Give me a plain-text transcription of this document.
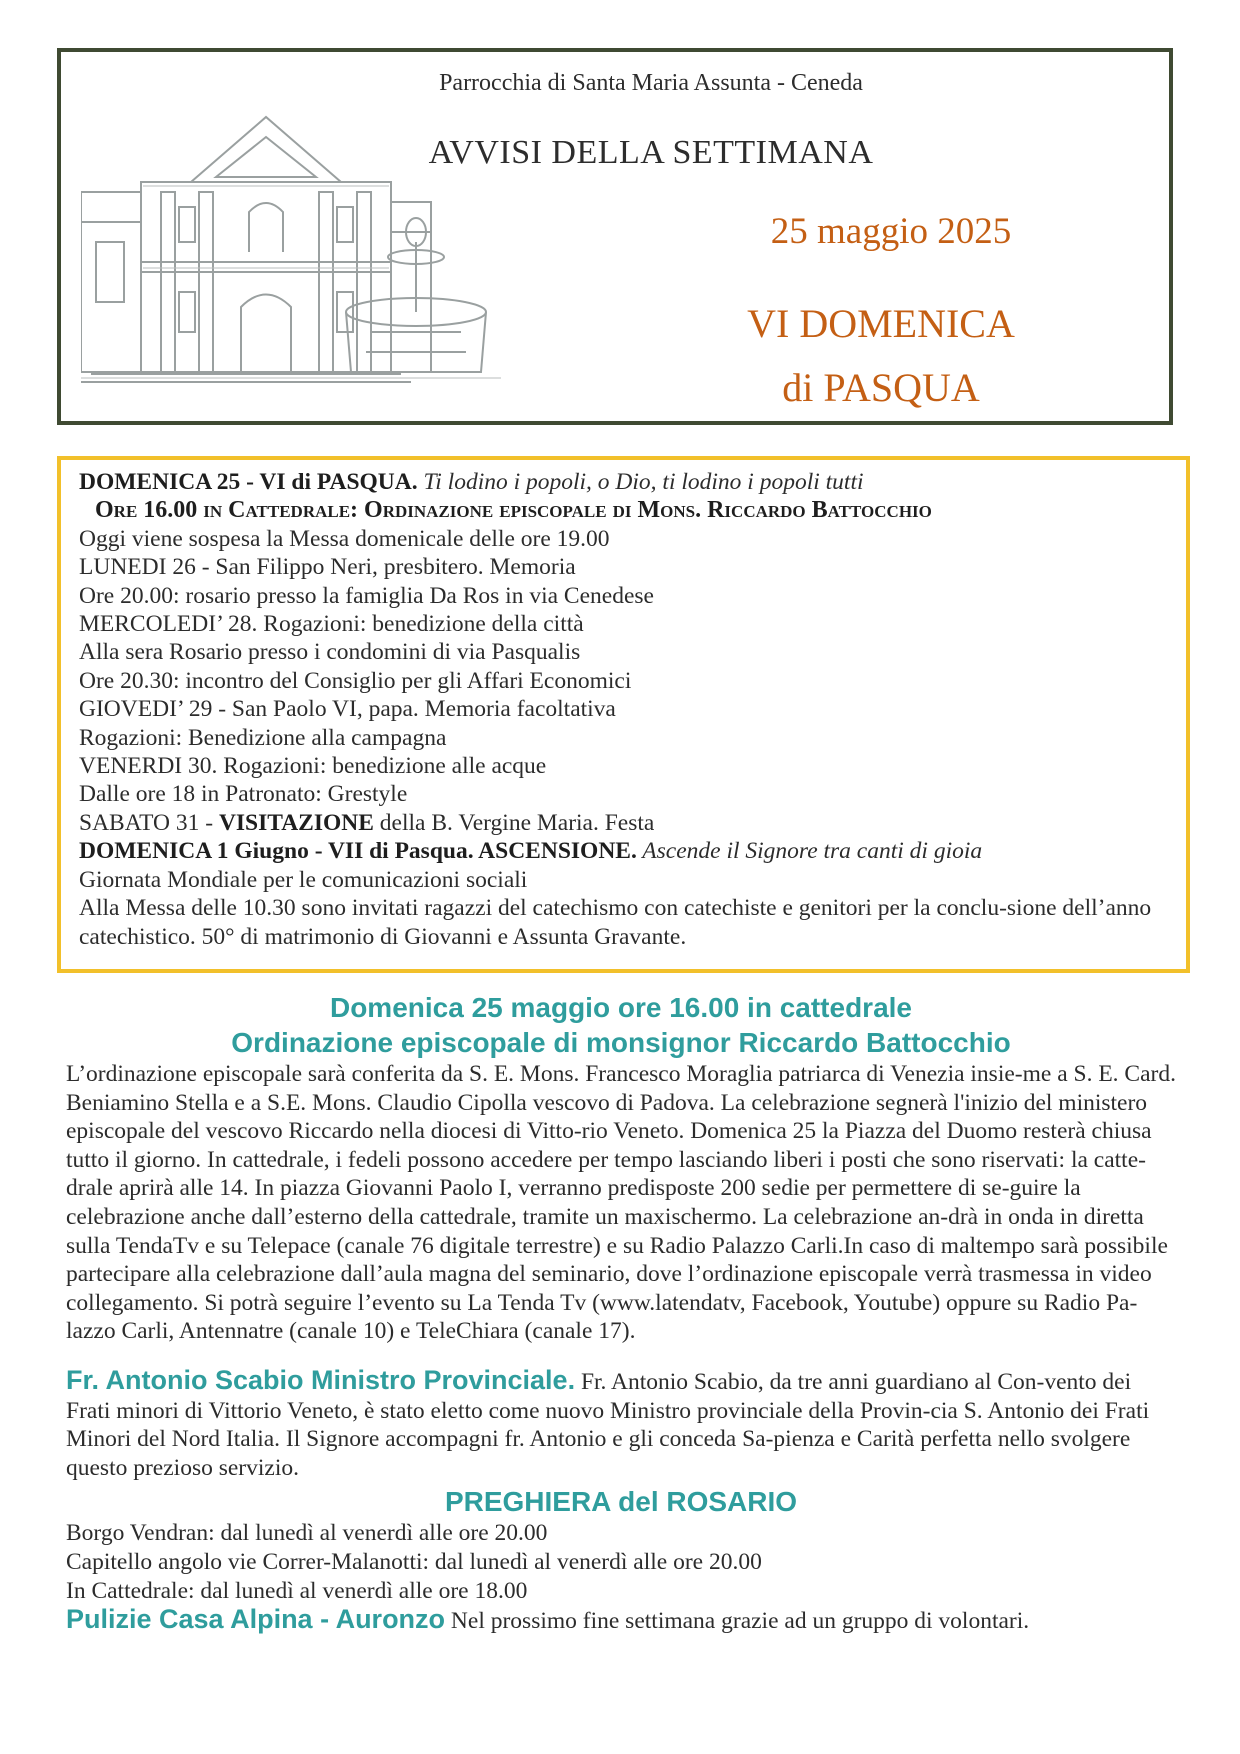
Parrocchia di Santa Maria Assunta - Ceneda
AVVISI DELLA SETTIMANA
25 maggio 2025
VI DOMENICA
di PASQUA
DOMENICA 25 - VI di PASQUA. Ti lodino i popoli, o Dio, ti lodino i popoli tutti
Ore 16.00 in Cattedrale: Ordinazione episcopale di Mons. Riccardo Battocchio
Oggi viene sospesa la Messa domenicale delle ore 19.00
LUNEDI 26 - San Filippo Neri, presbitero. Memoria
Ore 20.00: rosario presso la famiglia Da Ros in via Cenedese
MERCOLEDI’ 28. Rogazioni: benedizione della città
Alla sera Rosario presso i condomini di via Pasqualis
Ore 20.30: incontro del Consiglio per gli Affari Economici
GIOVEDI’ 29 - San Paolo VI, papa. Memoria facoltativa
Rogazioni: Benedizione alla campagna
VENERDI 30. Rogazioni: benedizione alle acque
Dalle ore 18 in Patronato: Grestyle
SABATO 31 - VISITAZIONE della B. Vergine Maria. Festa
DOMENICA 1 Giugno - VII di Pasqua. ASCENSIONE. Ascende il Signore tra canti di gioia
Giornata Mondiale per le comunicazioni sociali
Alla Messa delle 10.30 sono invitati ragazzi del catechismo con catechiste e genitori per la conclu-sione dell’anno catechistico. 50° di matrimonio di Giovanni e Assunta Gravante.
Domenica 25 maggio ore 16.00 in cattedrale
Ordinazione episcopale di monsignor Riccardo Battocchio

L’ordinazione episcopale sarà conferita da S. E. Mons. Francesco Moraglia patriarca di Venezia insie-me a S. E. Card. Beniamino Stella e a S.E. Mons. Claudio Cipolla vescovo di Padova. La celebrazione segnerà l'inizio del ministero episcopale del vescovo Riccardo nella diocesi di Vitto-rio Veneto. Domenica 25 la Piazza del Duomo resterà chiusa tutto il giorno. In cattedrale, i fedeli possono accedere per tempo lasciando liberi i posti che sono riservati: la catte-drale aprirà alle 14. In piazza Giovanni Paolo I, verranno predisposte 200 sedie per permettere di se-guire la celebrazione anche dall’esterno della cattedrale, tramite un maxischermo. La celebrazione an-drà in onda in diretta sulla TendaTv e su Telepace (canale 76 digitale terrestre) e su Radio Palazzo Carli.In caso di maltempo sarà possibile partecipare alla celebrazione dall’aula magna del seminario, dove l’ordinazione episcopale verrà trasmessa in video collegamento. Si potrà seguire l’evento su La Tenda Tv (www.latendatv, Facebook, Youtube) oppure su Radio Pa-lazzo Carli, Antennatre (canale 10) e TeleChiara (canale 17).

Fr. Antonio Scabio Ministro Provinciale. Fr. Antonio Scabio, da tre anni guardiano al Con-vento dei Frati minori di Vittorio Veneto, è stato eletto come nuovo Ministro provinciale della Provin-cia S. Antonio dei Frati Minori del Nord Italia. Il Signore accompagni fr. Antonio e gli conceda Sa-pienza e Carità perfetta nello svolgere questo prezioso servizio.

PREGHIERA del ROSARIO

Borgo Vendran: dal lunedì al venerdì alle ore 20.00

Capitello angolo vie Correr-Malanotti: dal lunedì al venerdì alle ore 20.00

In Cattedrale: dal lunedì al venerdì alle ore 18.00

Pulizie Casa Alpina - Auronzo Nel prossimo fine settimana grazie ad un gruppo di volontari.
